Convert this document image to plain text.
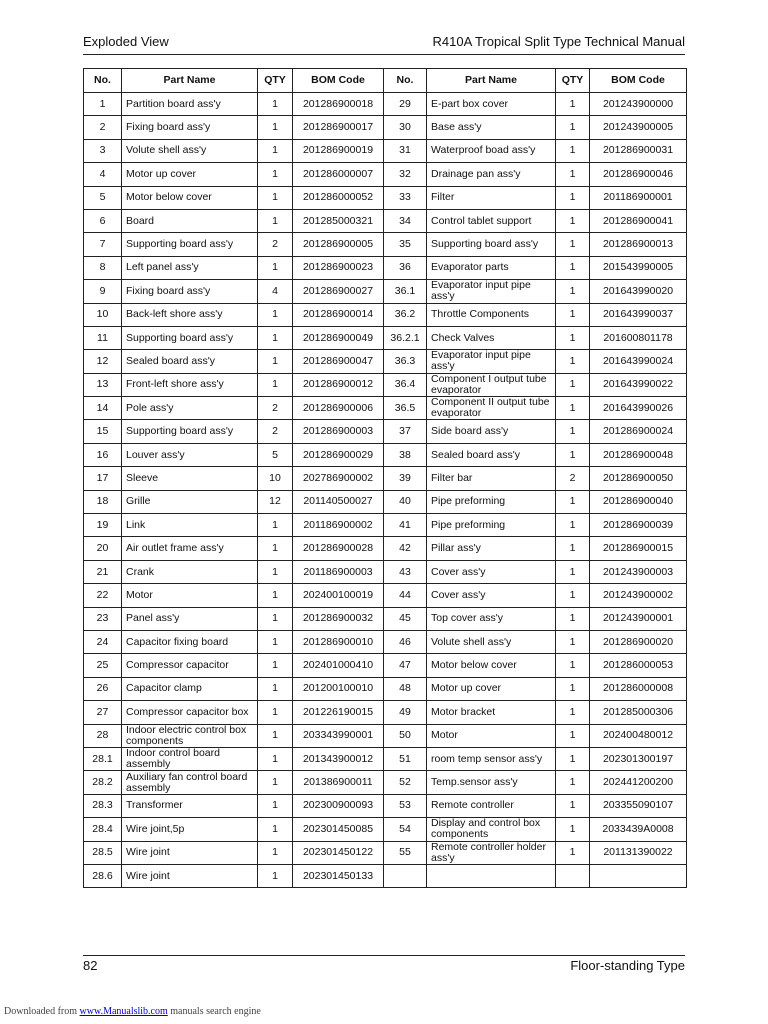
Exploded View	R410A Tropical Split Type Technical Manual
No.	Part Name	QTY	BOM Code	No.	Part Name	QTY	BOM Code
1	Partition board ass'y	1	201286900018	29	E-part box cover	1	201243900000
2	Fixing board ass'y	1	201286900017	30	Base ass'y	1	201243900005
3	Volute shell ass'y	1	201286900019	31	Waterproof boad ass'y	1	201286900031
4	Motor up cover	1	201286000007	32	Drainage pan ass'y	1	201286900046
5	Motor below cover	1	201286000052	33	Filter	1	201186900001
6	Board	1	201285000321	34	Control tablet support	1	201286900041
7	Supporting board ass'y	2	201286900005	35	Supporting board ass'y	1	201286900013
8	Left panel ass'y	1	201286900023	36	Evaporator parts	1	201543990005
9	Fixing board ass'y	4	201286900027	36.1	Evaporator input pipe ass'y	1	201643990020
10	Back-left shore ass'y	1	201286900014	36.2	Throttle Components	1	201643990037
11	Supporting board ass'y	1	201286900049	36.2.1	Check Valves	1	201600801178
12	Sealed board ass'y	1	201286900047	36.3	Evaporator input pipe ass'y	1	201643990024
13	Front-left shore ass'y	1	201286900012	36.4	Component I output tube evaporator	1	201643990022
14	Pole ass'y	2	201286900006	36.5	Component II output tube evaporator	1	201643990026
15	Supporting board ass'y	2	201286900003	37	Side board ass'y	1	201286900024
16	Louver ass'y	5	201286900029	38	Sealed board ass'y	1	201286900048
17	Sleeve	10	202786900002	39	Filter bar	2	201286900050
18	Grille	12	201140500027	40	Pipe preforming	1	201286900040
19	Link	1	201186900002	41	Pipe preforming	1	201286900039
20	Air outlet frame ass'y	1	201286900028	42	Pillar ass'y	1	201286900015
21	Crank	1	201186900003	43	Cover ass'y	1	201243900003
22	Motor	1	202400100019	44	Cover ass'y	1	201243900002
23	Panel ass'y	1	201286900032	45	Top cover ass'y	1	201243900001
24	Capacitor fixing board	1	201286900010	46	Volute shell ass'y	1	201286900020
25	Compressor capacitor	1	202401000410	47	Motor below cover	1	201286000053
26	Capacitor clamp	1	201200100010	48	Motor up cover	1	201286000008
27	Compressor capacitor box	1	201226190015	49	Motor bracket	1	201285000306
28	Indoor electric control box components	1	203343990001	50	Motor	1	202400480012
28.1	Indoor control board assembly	1	201343900012	51	room temp sensor ass'y	1	202301300197
28.2	Auxiliary fan control board assembly	1	201386900011	52	Temp.sensor ass'y	1	202441200200
28.3	Transformer	1	202300900093	53	Remote controller	1	203355090107
28.4	Wire joint,5p	1	202301450085	54	Display and control box components	1	2033439A0008
28.5	Wire joint	1	202301450122	55	Remote controller holder ass'y	1	201131390022
28.6	Wire joint	1	202301450133				
82	Floor-standing Type
Downloaded from www.Manualslib.com manuals search engine
